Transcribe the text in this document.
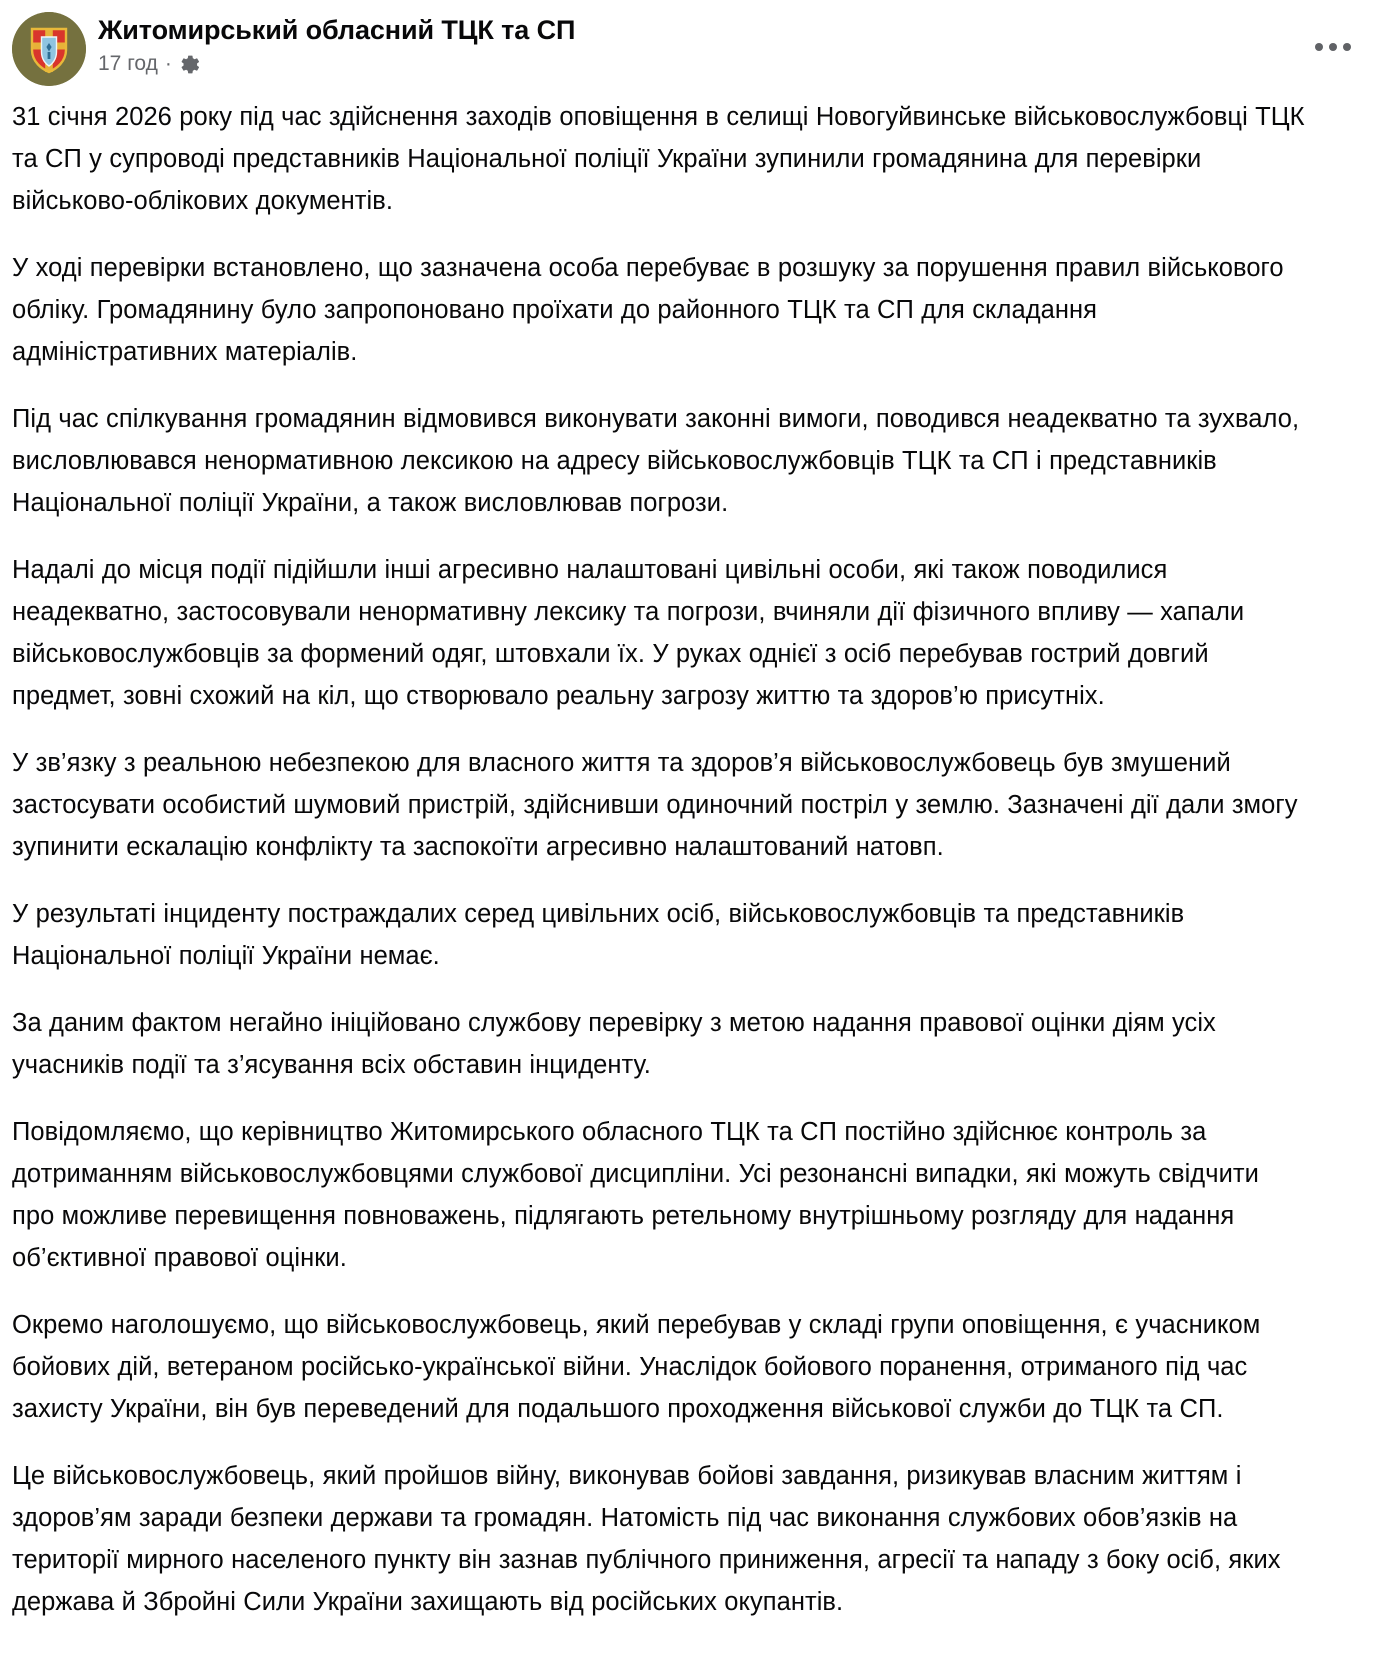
Житомирський обласний ТЦК та СП
17 год ·

31 січня 2026 року під час здійснення заходів оповіщення в селищі Новогуйвинське військовослужбовці ТЦК та СП у супроводі представників Національної поліції України зупинили громадянина для перевірки військово-облікових документів.

У ході перевірки встановлено, що зазначена особа перебуває в розшуку за порушення правил військового обліку. Громадянину було запропоновано проїхати до районного ТЦК та СП для складання адміністративних матеріалів.

Під час спілкування громадянин відмовився виконувати законні вимоги, поводився неадекватно та зухвало, висловлювався ненормативною лексикою на адресу військовослужбовців ТЦК та СП і представників Національної поліції України, а також висловлював погрози.

Надалі до місця події підійшли інші агресивно налаштовані цивільні особи, які також поводилися неадекватно, застосовували ненормативну лексику та погрози, вчиняли дії фізичного впливу — хапали військовослужбовців за формений одяг, штовхали їх. У руках однієї з осіб перебував гострий довгий предмет, зовні схожий на кіл, що створювало реальну загрозу життю та здоров’ю присутніх.

У зв’язку з реальною небезпекою для власного життя та здоров’я військовослужбовець був змушений застосувати особистий шумовий пристрій, здійснивши одиночний постріл у землю. Зазначені дії дали змогу зупинити ескалацію конфлікту та заспокоїти агресивно налаштований натовп.

У результаті інциденту постраждалих серед цивільних осіб, військовослужбовців та представників Національної поліції України немає.

За даним фактом негайно ініційовано службову перевірку з метою надання правової оцінки діям усіх учасників події та з’ясування всіх обставин інциденту.

Повідомляємо, що керівництво Житомирського обласного ТЦК та СП постійно здійснює контроль за дотриманням військовослужбовцями службової дисципліни. Усі резонансні випадки, які можуть свідчити про можливе перевищення повноважень, підлягають ретельному внутрішньому розгляду для надання об’єктивної правової оцінки.

Окремо наголошуємо, що військовослужбовець, який перебував у складі групи оповіщення, є учасником бойових дій, ветераном російсько-української війни. Унаслідок бойового поранення, отриманого під час захисту України, він був переведений для подальшого проходження військової служби до ТЦК та СП.

Це військовослужбовець, який пройшов війну, виконував бойові завдання, ризикував власним життям і здоров’ям заради безпеки держави та громадян. Натомість під час виконання службових обов’язків на території мирного населеного пункту він зазнав публічного приниження, агресії та нападу з боку осіб, яких держава й Збройні Сили України захищають від російських окупантів.
